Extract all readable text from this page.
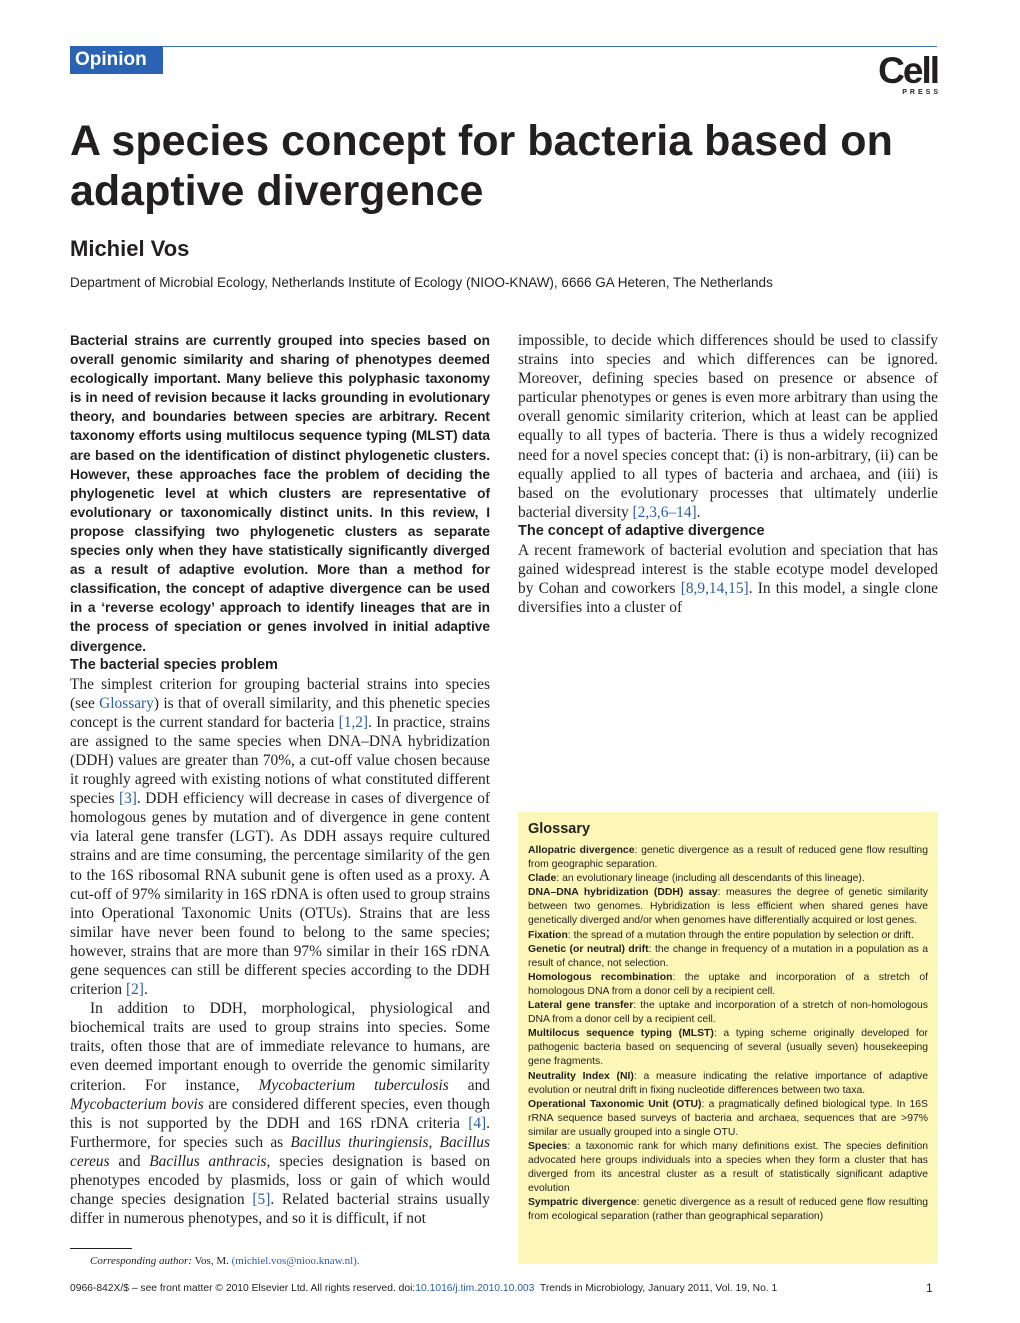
Opinion	Cell
PRESS
A species concept for bacteria based on adaptive divergence
Michiel Vos
Department of Microbial Ecology, Netherlands Institute of Ecology (NIOO-KNAW), 6666 GA Heteren, The Netherlands

Bacterial strains are currently grouped into species based on overall genomic similarity and sharing of phenotypes deemed ecologically important. Many believe this polyphasic taxonomy is in need of revision because it lacks grounding in evolutionary theory, and boundaries between species are arbitrary. Recent taxonomy efforts using multilocus sequence typing (MLST) data are based on the identification of distinct phylogenetic clusters. However, these approaches face the problem of deciding the phylogenetic level at which clusters are representative of evolutionary or taxonomically distinct units. In this review, I propose classifying two phylogenetic clusters as separate species only when they have statistically significantly diverged as a result of adaptive evolution. More than a method for classification, the concept of adaptive divergence can be used in a ‘reverse ecology’ approach to identify lineages that are in the process of speciation or genes involved in initial adaptive divergence.

The bacterial species problem

The simplest criterion for grouping bacterial strains into species (see Glossary) is that of overall similarity, and this phenetic species concept is the current standard for bacteria [1,2]. In practice, strains are assigned to the same species when DNA–DNA hybridization (DDH) values are greater than 70%, a cut-off value chosen because it roughly agreed with existing notions of what constituted different species [3]. DDH efficiency will decrease in cases of divergence of homologous genes by mutation and of divergence in gene content via lateral gene transfer (LGT). As DDH assays require cultured strains and are time consuming, the percentage similarity of the gen to the 16S ribosomal RNA subunit gene is often used as a proxy. A cut-off of 97% similarity in 16S rDNA is often used to group strains into Operational Taxonomic Units (OTUs). Strains that are less similar have never been found to belong to the same species; however, strains that are more than 97% similar in their 16S rDNA gene sequences can still be different species according to the DDH criterion [2].

In addition to DDH, morphological, physiological and biochemical traits are used to group strains into species. Some traits, often those that are of immediate relevance to humans, are even deemed important enough to override the genomic similarity criterion. For instance, Mycobacterium tuberculosis and Mycobacterium bovis are considered different species, even though this is not supported by the DDH and 16S rDNA criteria [4]. Furthermore, for species such as Bacillus thuringiensis, Bacillus cereus and Bacillus anthracis, species designation is based on phenotypes encoded by plasmids, loss or gain of which would change species designation [5]. Related bacterial strains usually differ in numerous phenotypes, and so it is difficult, if not

impossible, to decide which differences should be used to classify strains into species and which differences can be ignored. Moreover, defining species based on presence or absence of particular phenotypes or genes is even more arbitrary than using the overall genomic similarity criterion, which at least can be applied equally to all types of bacteria. There is thus a widely recognized need for a novel species concept that: (i) is non-arbitrary, (ii) can be equally applied to all types of bacteria and archaea, and (iii) is based on the evolutionary processes that ultimately underlie bacterial diversity [2,3,6–14].

The concept of adaptive divergence

A recent framework of bacterial evolution and speciation that has gained widespread interest is the stable ecotype model developed by Cohan and coworkers [8,9,14,15]. In this model, a single clone diversifies into a cluster of

Glossary

Allopatric divergence: genetic divergence as a result of reduced gene flow resulting from geographic separation.

Clade: an evolutionary lineage (including all descendants of this lineage).

DNA–DNA hybridization (DDH) assay: measures the degree of genetic similarity between two genomes. Hybridization is less efficient when shared genes have genetically diverged and/or when genomes have differentially acquired or lost genes.

Fixation: the spread of a mutation through the entire population by selection or drift.

Genetic (or neutral) drift: the change in frequency of a mutation in a population as a result of chance, not selection.

Homologous recombination: the uptake and incorporation of a stretch of homologous DNA from a donor cell by a recipient cell.

Lateral gene transfer: the uptake and incorporation of a stretch of non-homologous DNA from a donor cell by a recipient cell.

Multilocus sequence typing (MLST): a typing scheme originally developed for pathogenic bacteria based on sequencing of several (usually seven) housekeeping gene fragments.

Neutrality Index (NI): a measure indicating the relative importance of adaptive evolution or neutral drift in fixing nucleotide differences between two taxa.

Operational Taxonomic Unit (OTU): a pragmatically defined biological type. In 16S rRNA sequence based surveys of bacteria and archaea, sequences that are >97% similar are usually grouped into a single OTU.

Species: a taxonomic rank for which many definitions exist. The species definition advocated here groups individuals into a species when they form a cluster that has diverged from its ancestral cluster as a result of statistically significant adaptive evolution

Sympatric divergence: genetic divergence as a result of reduced gene flow resulting from ecological separation (rather than geographical separation)

Corresponding author: Vos, M. (michiel.vos@nioo.knaw.nl).
0966-842X/$ – see front matter © 2010 Elsevier Ltd. All rights reserved. doi:10.1016/j.tim.2010.10.003 Trends in Microbiology, January 2011, Vol. 19, No. 1	1
